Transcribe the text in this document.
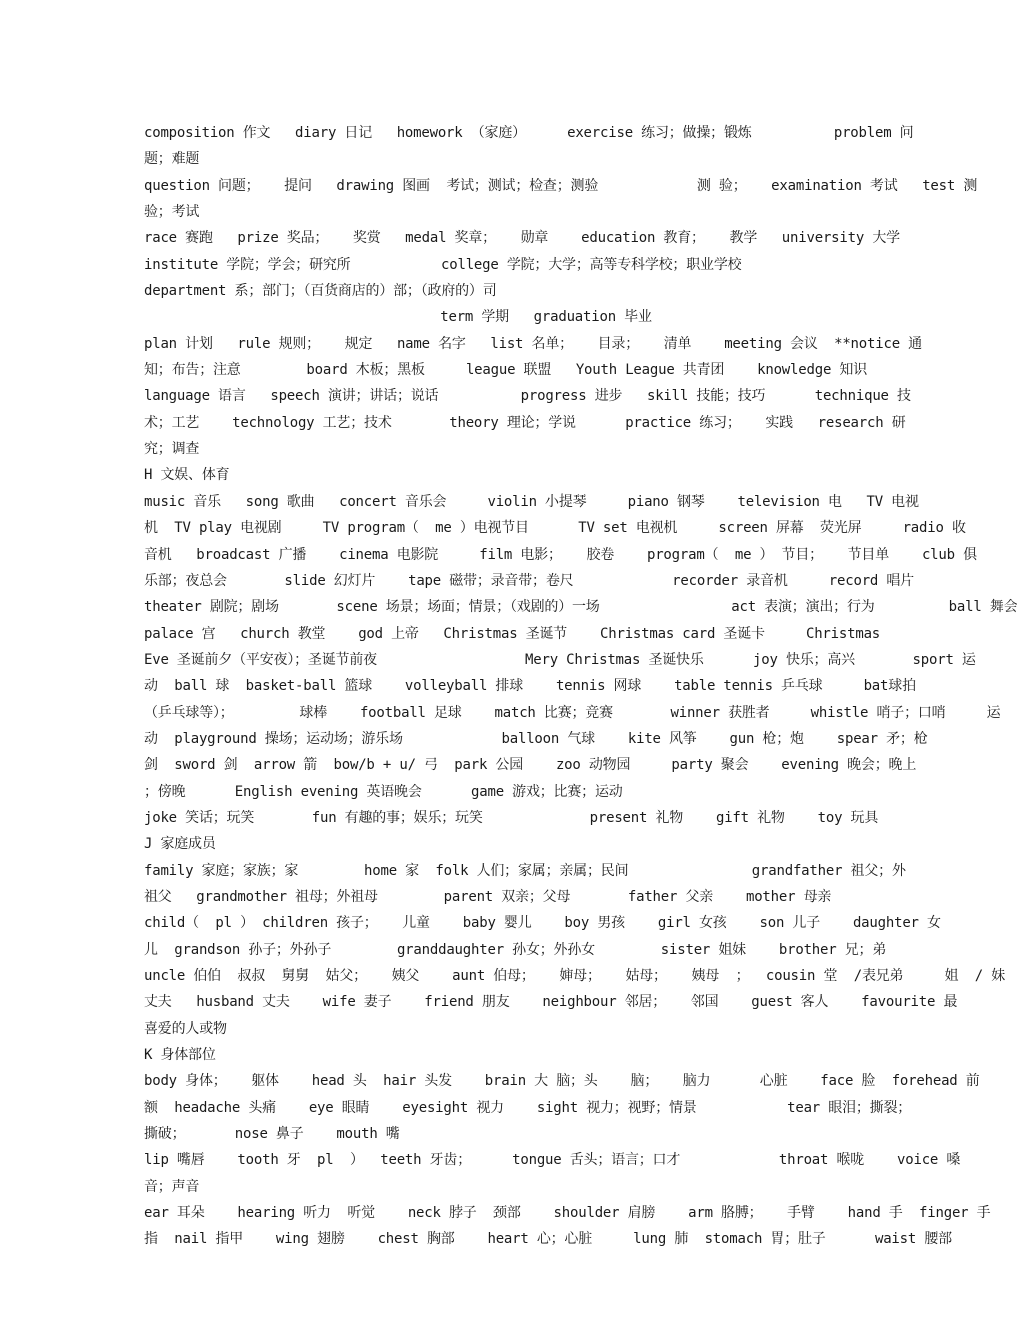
composition 作文   diary 日记   homework （家庭）     exercise 练习；做操；锻炼          problem 问
题；难题
question 问题；   提问   drawing 图画  考试；测试；检查；测验            测 验；   examination 考试   test 测
验；考试
race 赛跑   prize 奖品；   奖赏   medal 奖章；   勋章    education 教育；   教学   university 大学
institute 学院；学会；研究所           college 学院；大学；高等专科学校；职业学校
department 系；部门；（百货商店的）部；（政府的）司
term 学期   graduation 毕业
plan 计划   rule 规则；   规定   name 名字   list 名单；   目录；   清单    meeting 会议  **notice 通
知；布告；注意        board 木板；黑板     league 联盟   Youth League 共青团    knowledge 知识
language 语言   speech 演讲；讲话；说话          progress 进步   skill 技能；技巧      technique 技
术；工艺    technology 工艺；技术       theory 理论；学说      practice 练习；   实践   research 研
究；调查
H 文娱、体育
music 音乐   song 歌曲   concert 音乐会     violin 小提琴     piano 钢琴    television 电   TV 电视
机  TV play 电视剧     TV program（  me ）电视节目      TV set 电视机     screen 屏幕  荧光屏     radio 收
音机   broadcast 广播    cinema 电影院     film 电影；   胶卷    program（  me ） 节目；   节目单    club 俱
乐部；夜总会       slide 幻灯片    tape 磁带；录音带；卷尺            recorder 录音机     record 唱片
theater 剧院；剧场       scene 场景；场面；情景；（戏剧的）一场                act 表演；演出；行为         ball 舞会
palace 宫   church 教堂    god 上帝   Christmas 圣诞节    Christmas card 圣诞卡     Christmas
Eve 圣诞前夕（平安夜）；圣诞节前夜                  Mery Christmas 圣诞快乐      joy 快乐；高兴       sport 运
动  ball 球  basket-ball 篮球    volleyball 排球    tennis 网球    table tennis 乒乓球     bat球拍
（乒乓球等）；        球棒    football 足球    match 比赛；竞赛       winner 获胜者     whistle 哨子；口哨     运
动  playground 操场；运动场；游乐场            balloon 气球    kite 风筝    gun 枪；炮    spear 矛；枪
剑  sword 剑  arrow 箭  bow/b + u/ 弓  park 公园    zoo 动物园     party 聚会    evening 晚会；晚上
；傍晚      English evening 英语晚会      game 游戏；比赛；运动
joke 笑话；玩笑       fun 有趣的事；娱乐；玩笑             present 礼物    gift 礼物    toy 玩具
J 家庭成员
family 家庭；家族；家        home 家  folk 人们；家属；亲属；民间               grandfather 祖父；外
祖父   grandmother 祖母；外祖母        parent 双亲；父母       father 父亲    mother 母亲
child（  pl ） children 孩子；   儿童    baby 婴儿    boy 男孩    girl 女孩    son 儿子    daughter 女
儿  grandson 孙子；外孙子        granddaughter 孙女；外孙女        sister 姐妹    brother 兄；弟
uncle 伯伯  叔叔  舅舅  姑父；   姨父    aunt 伯母；   婶母；   姑母；   姨母  ；  cousin 堂  /表兄弟     姐  / 妹
丈夫   husband 丈夫    wife 妻子    friend 朋友    neighbour 邻居；   邻国    guest 客人    favourite 最
喜爱的人或物
K 身体部位
body 身体；   躯体    head 头  hair 头发    brain 大 脑；头    脑；   脑力      心脏    face 脸  forehead 前
额  headache 头痛    eye 眼睛    eyesight 视力    sight 视力；视野；情景           tear 眼泪；撕裂；
撕破；      nose 鼻子    mouth 嘴
lip 嘴唇    tooth 牙  pl  ）  teeth 牙齿；     tongue 舌头；语言；口才            throat 喉咙    voice 嗓
音；声音
ear 耳朵    hearing 听力  听觉    neck 脖子  颈部    shoulder 肩膀    arm 胳膊；   手臂    hand 手  finger 手
指  nail 指甲    wing 翅膀    chest 胸部    heart 心；心脏     lung 肺  stomach 胃；肚子      waist 腰部
